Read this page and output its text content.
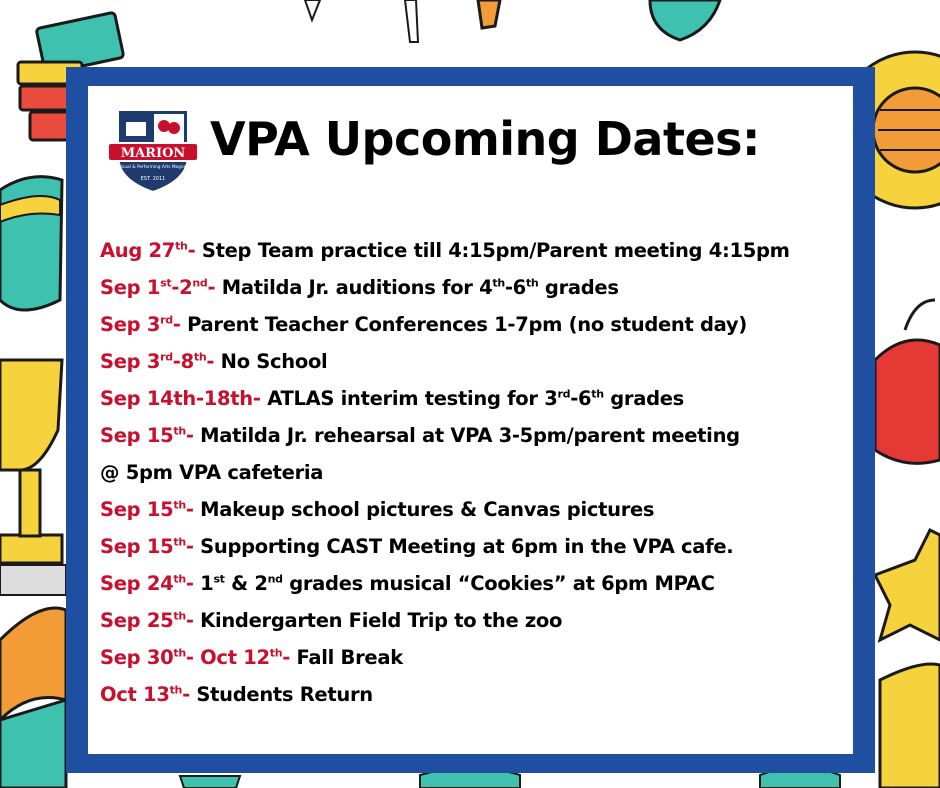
MARION
Visual & Performing Arts Magnet
EST. 2011
VPA Upcoming Dates:
Aug 27th- Step Team practice till 4:15pm/Parent meeting 4:15pm
Sep 1st-2nd- Matilda Jr. auditions for 4th-6th grades
Sep 3rd- Parent Teacher Conferences 1-7pm (no student day)
Sep 3rd-8th- No School
Sep 14th-18th- ATLAS interim testing for 3rd-6th grades
Sep 15th- Matilda Jr. rehearsal at VPA 3-5pm/parent meeting
@ 5pm VPA cafeteria
Sep 15th- Makeup school pictures & Canvas pictures
Sep 15th- Supporting CAST Meeting at 6pm in the VPA cafe.
Sep 24th- 1st & 2nd grades musical “Cookies” at 6pm MPAC
Sep 25th- Kindergarten Field Trip to the zoo
Sep 30th- Oct 12th- Fall Break
Oct 13th- Students Return
